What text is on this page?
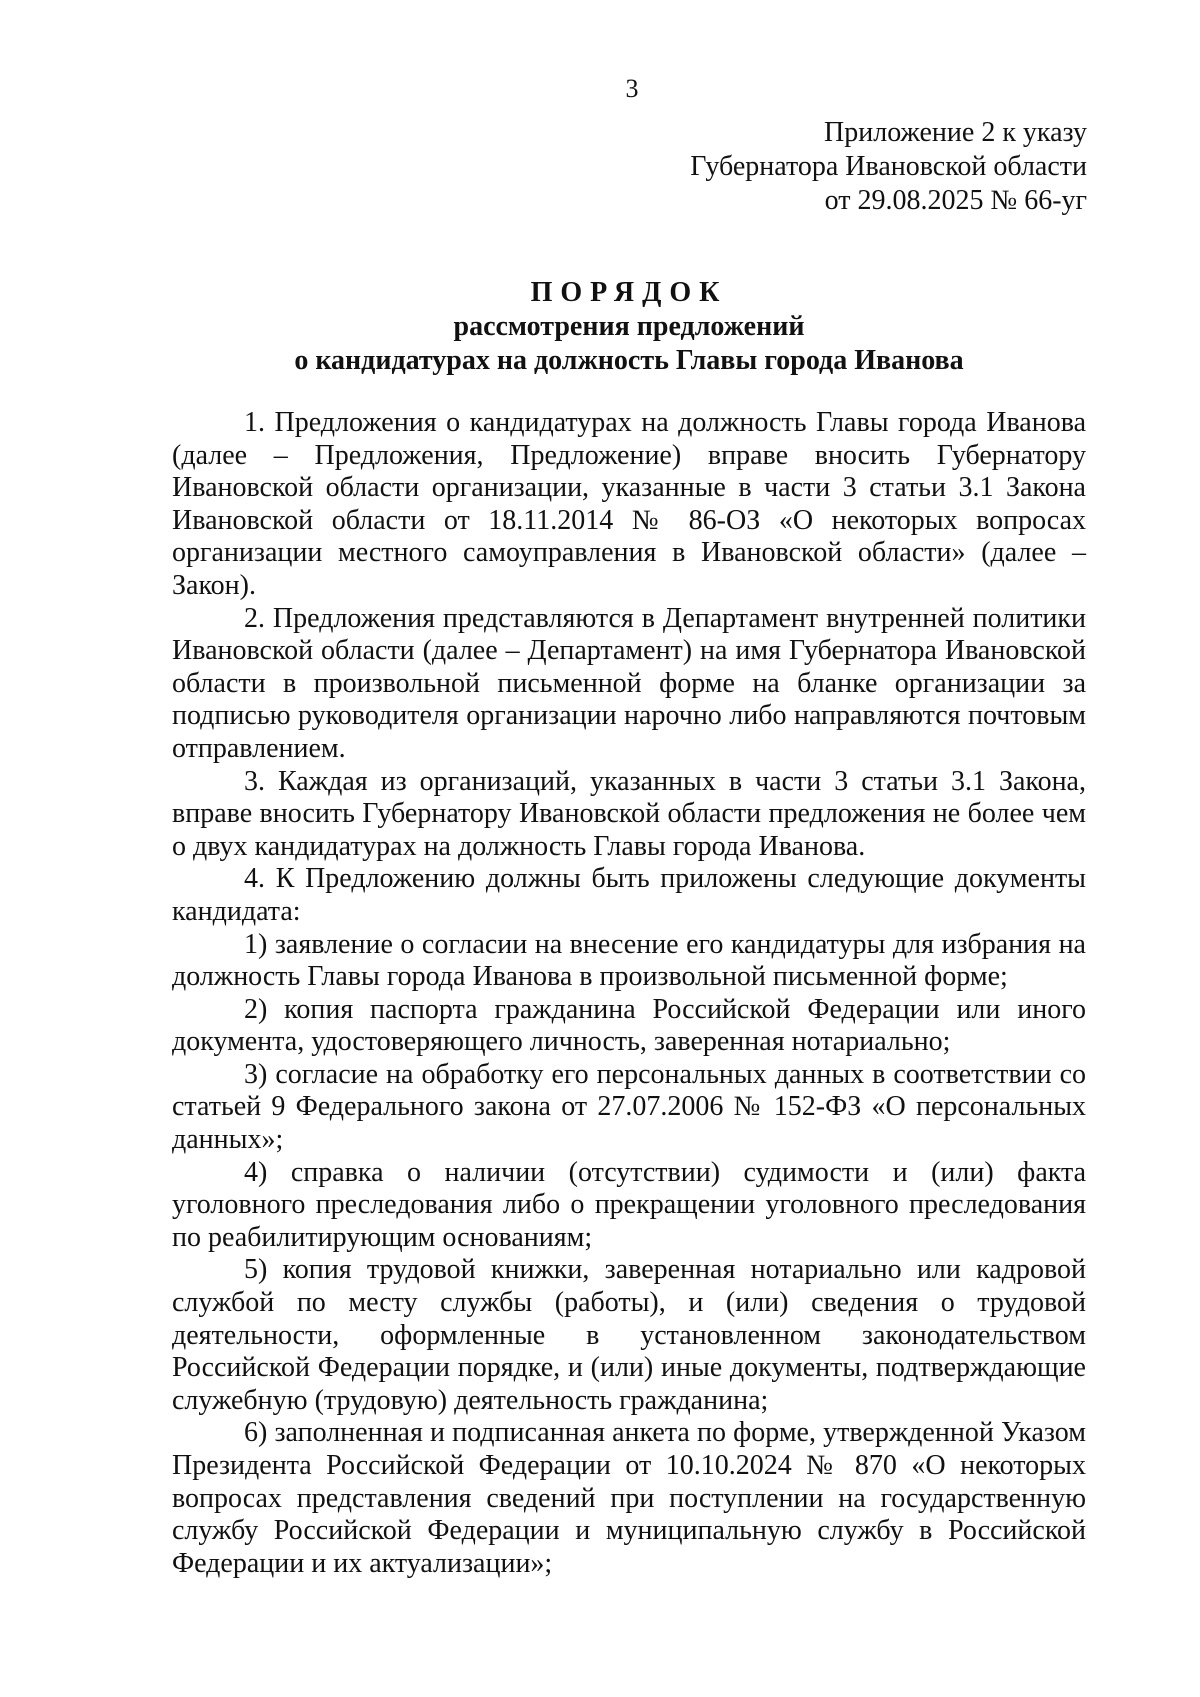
3
Приложение 2 к указу
Губернатора Ивановской области
от 29.08.2025 № 66-уг
ПОРЯДОК
рассмотрения предложений
о кандидатурах на должность Главы города Иванова

1. Предложения о кандидатурах на должность Главы города Иванова (далее – Предложения, Предложение) вправе вносить Губернатору Ивановской области организации, указанные в части 3 статьи 3.1 Закона Ивановской области от 18.11.2014 № 86-ОЗ «О некоторых вопросах организации местного самоуправления в Ивановской области» (далее – Закон).

2. Предложения представляются в Департамент внутренней политики Ивановской области (далее – Департамент) на имя Губернатора Ивановской области в произвольной письменной форме на бланке организации за подписью руководителя организации нарочно либо направляются почтовым отправлением.

3. Каждая из организаций, указанных в части 3 статьи 3.1 Закона, вправе вносить Губернатору Ивановской области предложения не более чем о двух кандидатурах на должность Главы города Иванова.

4. К Предложению должны быть приложены следующие документы кандидата:

1) заявление о согласии на внесение его кандидатуры для избрания на должность Главы города Иванова в произвольной письменной форме;

2) копия паспорта гражданина Российской Федерации или иного документа, удостоверяющего личность, заверенная нотариально;

3) согласие на обработку его персональных данных в соответствии со статьей 9 Федерального закона от 27.07.2006 № 152-ФЗ «О персональных данных»;

4) справка о наличии (отсутствии) судимости и (или) факта уголовного преследования либо о прекращении уголовного преследования по реабилитирующим основаниям;

5) копия трудовой книжки, заверенная нотариально или кадровой службой по месту службы (работы), и (или) сведения о трудовой деятельности, оформленные в установленном законодательством Российской Федерации порядке, и (или) иные документы, подтверждающие служебную (трудовую) деятельность гражданина;

6) заполненная и подписанная анкета по форме, утвержденной Указом Президента Российской Федерации от 10.10.2024 № 870 «О некоторых вопросах представления сведений при поступлении на государственную службу Российской Федерации и муниципальную службу в Российской Федерации и их актуализации»;
